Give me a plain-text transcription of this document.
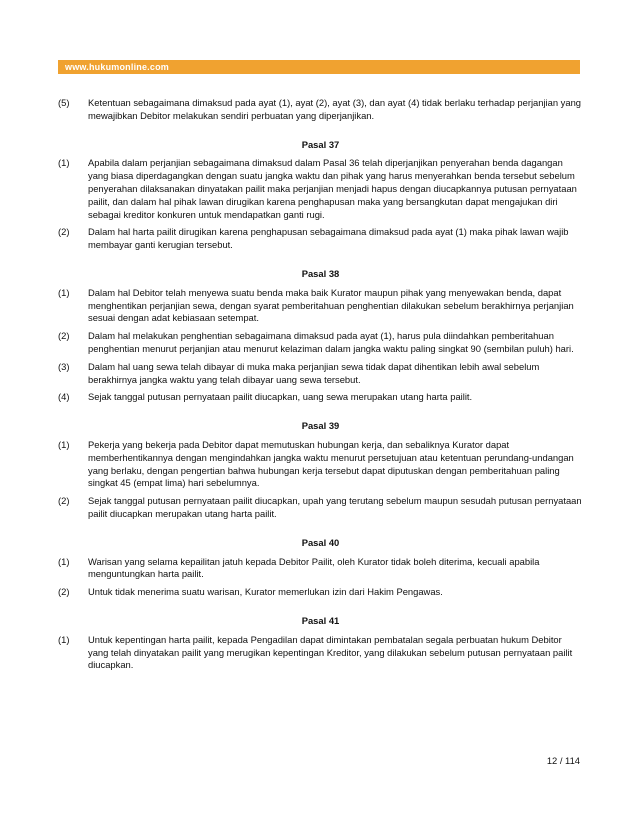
www.hukumonline.com
(5)	Ketentuan sebagaimana dimaksud pada ayat (1), ayat (2), ayat (3), dan ayat (4) tidak berlaku terhadap perjanjian yang mewajibkan Debitor melakukan sendiri perbuatan yang diperjanjikan.
Pasal 37
(1)	Apabila dalam perjanjian sebagaimana dimaksud dalam Pasal 36 telah diperjanjikan penyerahan benda dagangan yang biasa diperdagangkan dengan suatu jangka waktu dan pihak yang harus menyerahkan benda tersebut sebelum penyerahan dilaksanakan dinyatakan pailit maka perjanjian menjadi hapus dengan diucapkannya putusan pernyataan pailit, dan dalam hal pihak lawan dirugikan karena penghapusan maka yang bersangkutan dapat mengajukan diri sebagai kreditor konkuren untuk mendapatkan ganti rugi.
(2)	Dalam hal harta pailit dirugikan karena penghapusan sebagaimana dimaksud pada ayat (1) maka pihak lawan wajib membayar ganti kerugian tersebut.
Pasal 38
(1)	Dalam hal Debitor telah menyewa suatu benda maka baik Kurator maupun pihak yang menyewakan benda, dapat menghentikan perjanjian sewa, dengan syarat pemberitahuan penghentian dilakukan sebelum berakhirnya perjanjian sesuai dengan adat kebiasaan setempat.
(2)	Dalam hal melakukan penghentian sebagaimana dimaksud pada ayat (1), harus pula diindahkan pemberitahuan penghentian menurut perjanjian atau menurut kelaziman dalam jangka waktu paling singkat 90 (sembilan puluh) hari.
(3)	Dalam hal uang sewa telah dibayar di muka maka perjanjian sewa tidak dapat dihentikan lebih awal sebelum berakhirnya jangka waktu yang telah dibayar uang sewa tersebut.
(4)	Sejak tanggal putusan pernyataan pailit diucapkan, uang sewa merupakan utang harta pailit.
Pasal 39
(1)	Pekerja yang bekerja pada Debitor dapat memutuskan hubungan kerja, dan sebaliknya Kurator dapat memberhentikannya dengan mengindahkan jangka waktu menurut persetujuan atau ketentuan perundang-undangan yang berlaku, dengan pengertian bahwa hubungan kerja tersebut dapat diputuskan dengan pemberitahuan paling singkat 45 (empat lima) hari sebelumnya.
(2)	Sejak tanggal putusan pernyataan pailit diucapkan, upah yang terutang sebelum maupun sesudah putusan pernyataan pailit diucapkan merupakan utang harta pailit.
Pasal 40
(1)	Warisan yang selama kepailitan jatuh kepada Debitor Pailit, oleh Kurator tidak boleh diterima, kecuali apabila menguntungkan harta pailit.
(2)	Untuk tidak menerima suatu warisan, Kurator memerlukan izin dari Hakim Pengawas.
Pasal 41
(1)	Untuk kepentingan harta pailit, kepada Pengadilan dapat dimintakan pembatalan segala perbuatan hukum Debitor yang telah dinyatakan pailit yang merugikan kepentingan Kreditor, yang dilakukan sebelum putusan pernyataan pailit diucapkan.
12 / 114
